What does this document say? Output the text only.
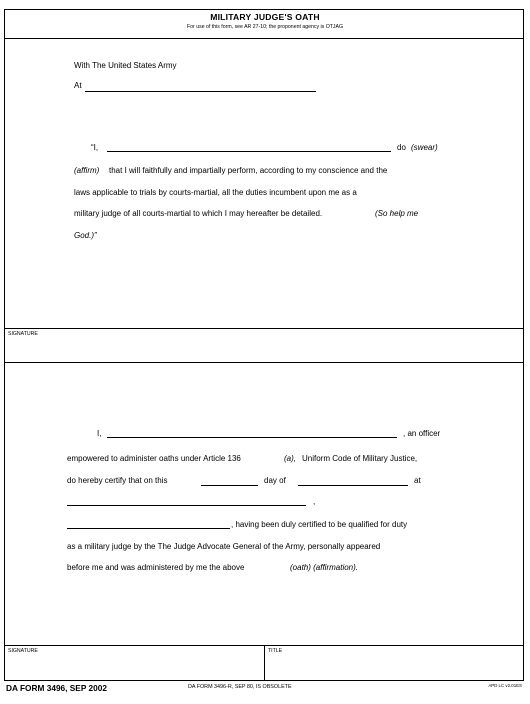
MILITARY JUDGE'S OATH
For use of this form, see AR 27-10; the proponent agency is OTJAG
With The United States Army
At
“I,	do (swear)
(affirm) that I will faithfully and impartially perform, according to my conscience and the
laws applicable to trials by courts-martial, all the duties incumbent upon me as a
military judge of all courts-martial to which I may hereafter be detailed.	(So help me
God.)”
SIGNATURE
I,	, an officer
empowered to administer oaths under Article 136	(a), Uniform Code of Military Justice,
do hereby certify that on this	day of	at
,
, having been duly certified to be qualified for duty
as a military judge by the The Judge Advocate General of the Army, personally appeared
before me and was administered by me the above	(oath) (affirmation).
SIGNATURE	TITLE
DA FORM 3496, SEP 2002	DA FORM 3496-R, SEP 80, IS OBSOLETE	APD LC v2.01ES
